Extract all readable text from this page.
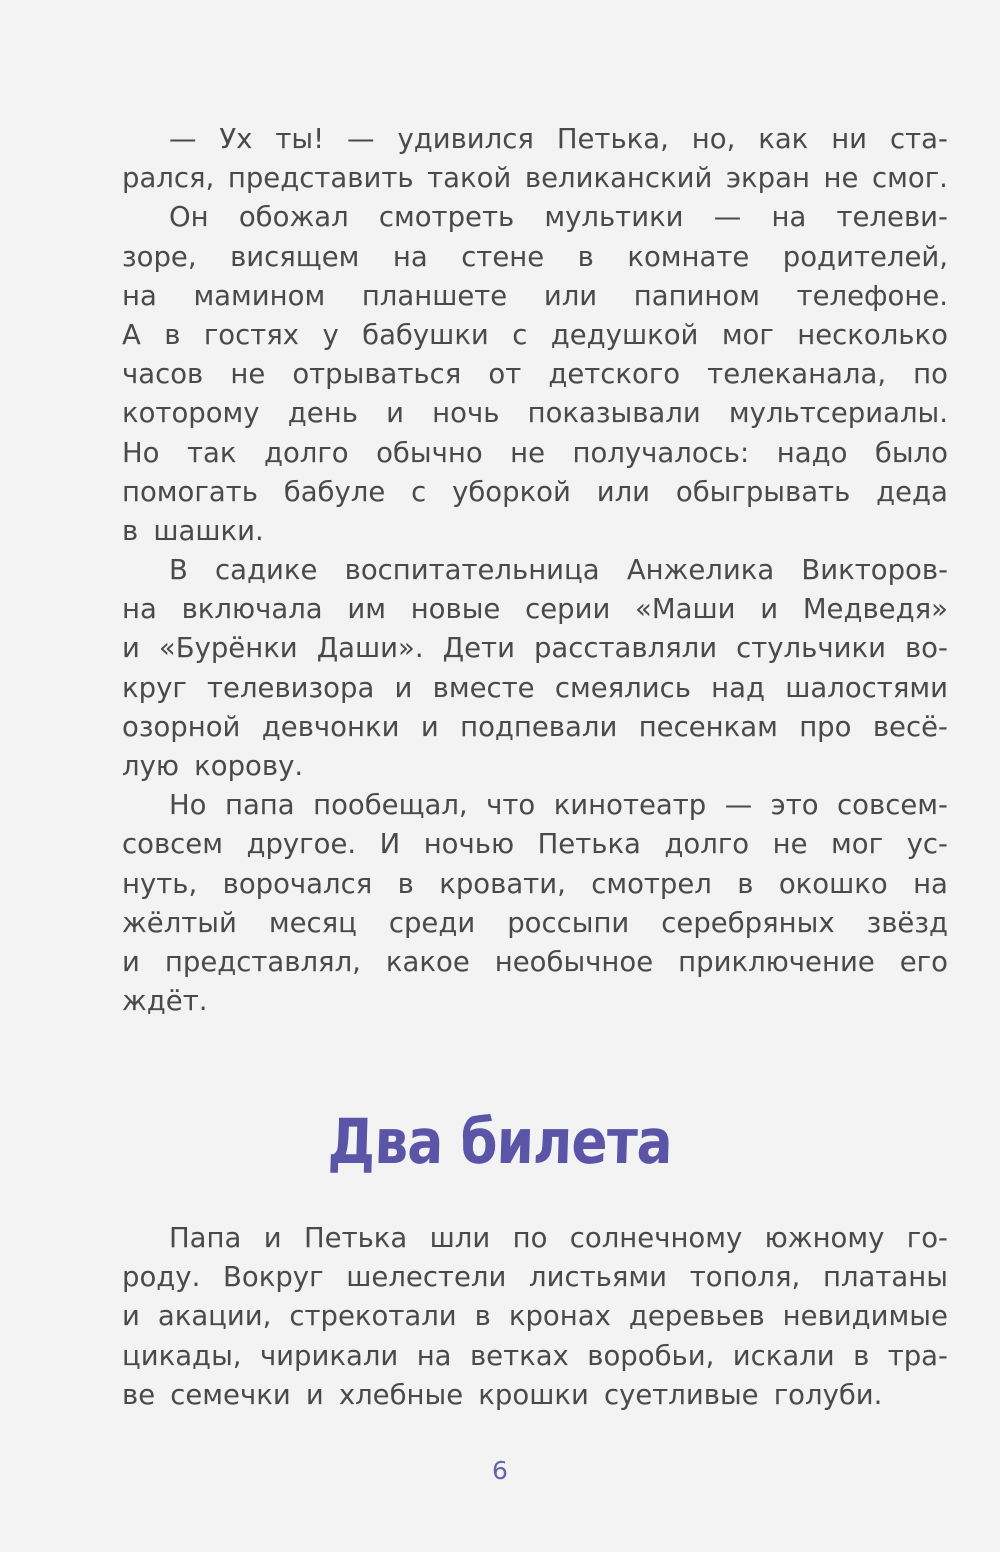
— Ух ты! — удивился Петька, но, как ни ста-
рался, представить такой великанский экран не смог.
Он обожал смотреть мультики — на телеви-
зоре, висящем на стене в комнате родителей,
на мамином планшете или папином телефоне.
А в гостях у бабушки с дедушкой мог несколько
часов не отрываться от детского телеканала, по
которому день и ночь показывали мультсериалы.
Но так долго обычно не получалось: надо было
помогать бабуле с уборкой или обыгрывать деда
в шашки.
В садике воспитательница Анжелика Викторов-
на включала им новые серии «Маши и Медведя»
и «Бурёнки Даши». Дети расставляли стульчики во-
круг телевизора и вместе смеялись над шалостями
озорной девчонки и подпевали песенкам про весё-
лую корову.
Но папа пообещал, что кинотеатр — это совсем-
совсем другое. И ночью Петька долго не мог ус-
нуть, ворочался в кровати, смотрел в окошко на
жёлтый месяц среди россыпи серебряных звёзд
и представлял, какое необычное приключение его
ждёт.
Два билета
Папа и Петька шли по солнечному южному го-
роду. Вокруг шелестели листьями тополя, платаны
и акации, стрекотали в кронах деревьев невидимые
цикады, чирикали на ветках воробьи, искали в тра-
ве семечки и хлебные крошки суетливые голуби.
6
